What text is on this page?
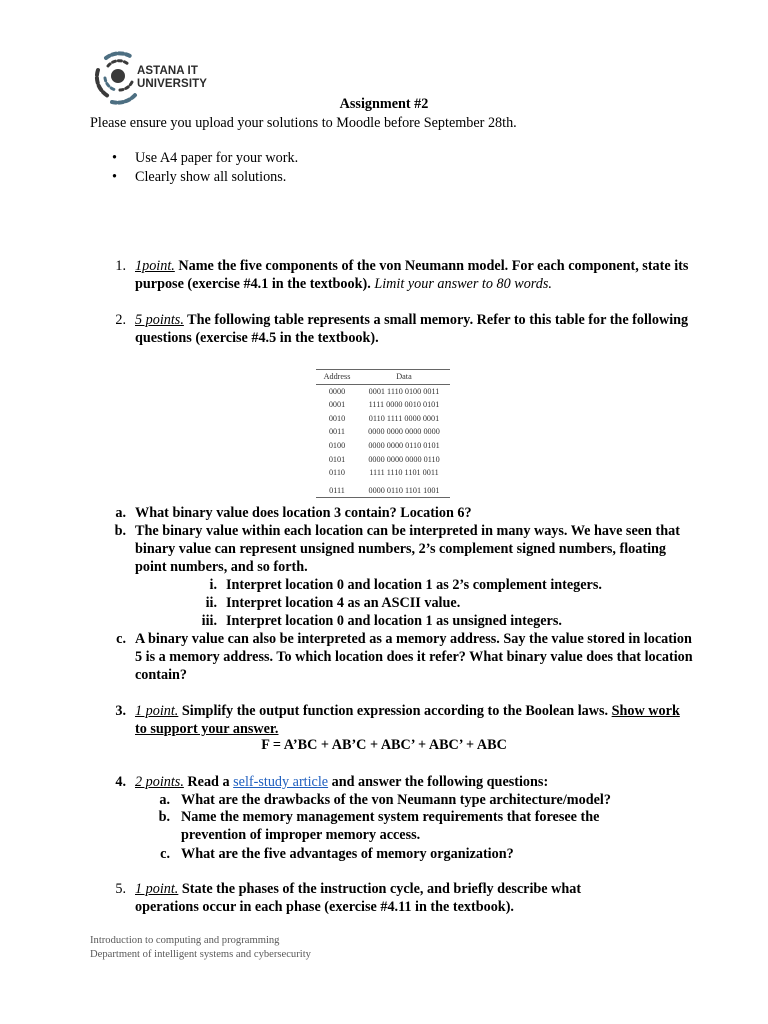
ASTANA IT
UNIVERSITY
Assignment #2
Please ensure you upload your solutions to Moodle before September 28th.
• Use A4 paper for your work.
• Clearly show all solutions.
1. 1point. Name the five components of the von Neumann model. For each component, state its purpose (exercise #4.1 in the textbook). Limit your answer to 80 words.
2. 5 points. The following table represents a small memory. Refer to this table for the following questions (exercise #4.5 in the textbook).
Address	Data
0000	0001 1110 0100 0011
0001	1111 0000 0010 0101
0010	0110 1111 0000 0001
0011	0000 0000 0000 0000
0100	0000 0000 0110 0101
0101	0000 0000 0000 0110
0110	1111 1110 1101 0011
0111	0000 0110 1101 1001
a. What binary value does location 3 contain? Location 6?
b. The binary value within each location can be interpreted in many ways. We have seen that binary value can represent unsigned numbers, 2’s complement signed numbers, floating point numbers, and so forth.
i. Interpret location 0 and location 1 as 2’s complement integers.
ii. Interpret location 4 as an ASCII value.
iii. Interpret location 0 and location 1 as unsigned integers.
c. A binary value can also be interpreted as a memory address. Say the value stored in location 5 is a memory address. To which location does it refer? What binary value does that location contain?
3. 1 point. Simplify the output function expression according to the Boolean laws. Show work to support your answer.
F = A’BC + AB’C + ABC’ + ABC’ + ABC
4. 2 points. Read a self-study article and answer the following questions:
a. What are the drawbacks of the von Neumann type architecture/model?
b. Name the memory management system requirements that foresee the prevention of improper memory access.
c. What are the five advantages of memory organization?
5. 1 point. State the phases of the instruction cycle, and briefly describe what operations occur in each phase (exercise #4.11 in the textbook).
Introduction to computing and programming
Department of intelligent systems and cybersecurity
